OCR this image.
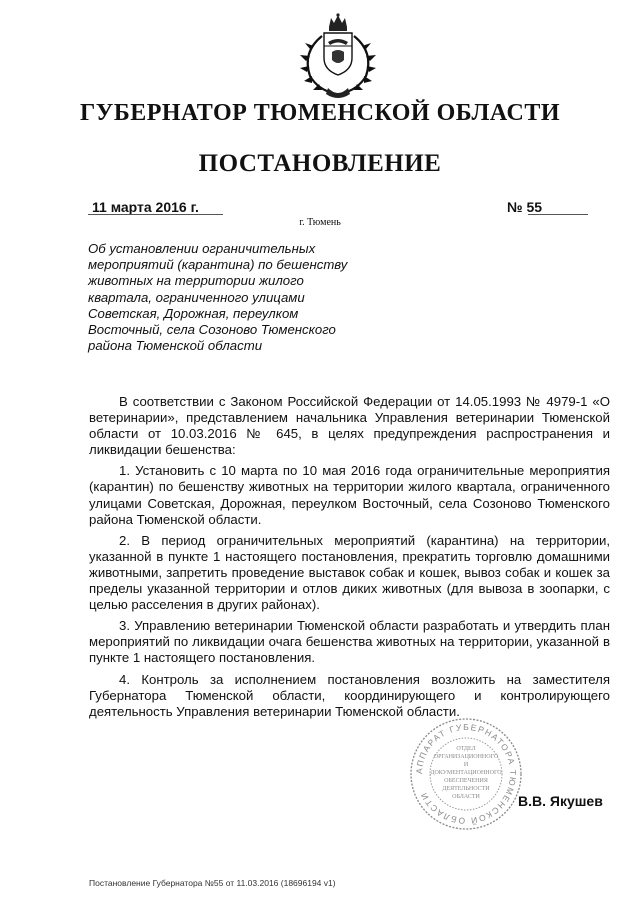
ГУБЕРНАТОР ТЮМЕНСКОЙ ОБЛАСТИ
ПОСТАНОВЛЕНИЕ
11 марта 2016 г.	№ 55
г. Тюмень
Об установлении ограничительных мероприятий (карантина) по бешенству животных на территории жилого квартала, ограниченного улицами Советская, Дорожная, переулком Восточный, села Созоново Тюменского района Тюменской области

В соответствии с Законом Российской Федерации от 14.05.1993 № 4979-1 «О ветеринарии», представлением начальника Управления ветеринарии Тюменской области от 10.03.2016 № 645, в целях предупреждения распространения и ликвидации бешенства:

1. Установить с 10 марта по 10 мая 2016 года ограничительные мероприятия (карантин) по бешенству животных на территории жилого квартала, ограниченного улицами Советская, Дорожная, переулком Восточный, села Созоново Тюменского района Тюменской области.

2. В период ограничительных мероприятий (карантина) на территории, указанной в пункте 1 настоящего постановления, прекратить торговлю домашними животными, запретить проведение выставок собак и кошек, вывоз собак и кошек за пределы указанной территории и отлов диких животных (для вывоза в зоопарки, с целью расселения в других районах).

3. Управлению ветеринарии Тюменской области разработать и утвердить план мероприятий по ликвидации очага бешенства животных на территории, указанной в пункте 1 настоящего постановления.

4. Контроль за исполнением постановления возложить на заместителя Губернатора Тюменской области, координирующего и контролирующего деятельность Управления ветеринарии Тюменской области.

АППАРАТ ГУБЕРНАТОРА ТЮМЕНСКОЙ ОБЛАСТИ
ОТДЕЛ
ОРГАНИЗАЦИОННОГО
И
ДОКУМЕНТАЦИОННОГО
ОБЕСПЕЧЕНИЯ
ДЕЯТЕЛЬНОСТИ
ОБЛАСТИ	В.В. Якушев
Постановление Губернатора №55 от 11.03.2016 (18696194 v1)
